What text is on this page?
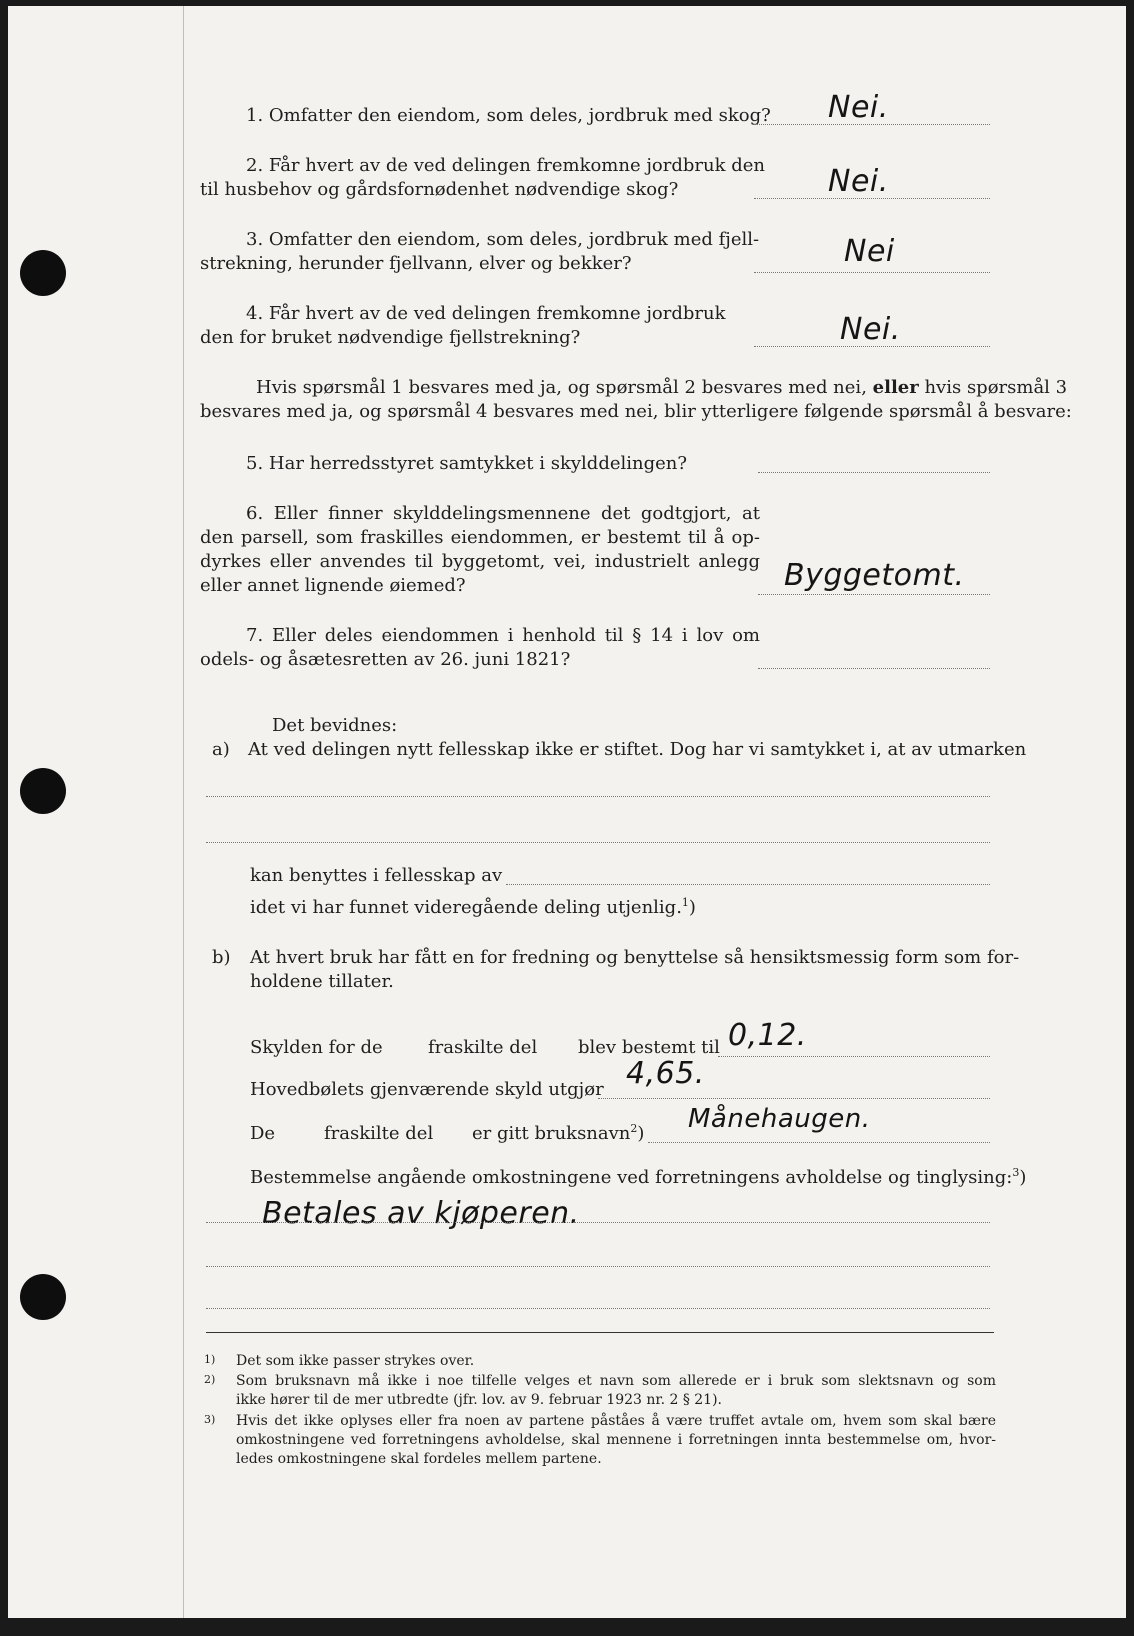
1. Omfatter den eiendom, som deles, jordbruk med skog? Nei.
2. Får hvert av de ved delingen fremkomne jordbruk den
til husbehov og gårdsfornødenhet nødvendige skog?	Nei.
3. Omfatter den eiendom, som deles, jordbruk med fjell-
strekning, herunder fjellvann, elver og bekker?	Nei
4. Får hvert av de ved delingen fremkomne jordbruk
den for bruket nødvendige fjellstrekning?	Nei.
Hvis spørsmål 1 besvares med ja, og spørsmål 2 besvares med nei, eller hvis spørsmål 3
besvares med ja, og spørsmål 4 besvares med nei, blir ytterligere følgende spørsmål å besvare:
5. Har herredsstyret samtykket i skylddelingen?
6. Eller finner skylddelingsmennene det godtgjort, at
den parsell, som fraskilles eiendommen, er bestemt til å op-
dyrkes eller anvendes til byggetomt, vei, industrielt anlegg
eller annet lignende øiemed?	Byggetomt.
7. Eller deles eiendommen i henhold til § 14 i lov om
odels- og åsætesretten av 26. juni 1821?
Det bevidnes:
a) At ved delingen nytt fellesskap ikke er stiftet. Dog har vi samtykket i, at av utmarken
kan benyttes i fellesskap av
idet vi har funnet videregående deling utjenlig.$^1$)
b) At hvert bruk har fått en for fredning og benyttelse så hensiktsmessig form som for-
holdene tillater.
Skylden for de	fraskilte del blev bestemt til 0,12.
Hovedbølets gjenværende skyld utgjør 4,65.
De	fraskilte del er gitt bruksnavn$^2$) Månehaugen.
Bestemmelse angående omkostningene ved forretningens avholdelse og tinglysing:$^3$)
Betales av kjøperen.
1) Det som ikke passer strykes over.
2) Som bruksnavn må ikke i noe tilfelle velges et navn som allerede er i bruk som slektsnavn og som
ikke hører til de mer utbredte (jfr. lov. av 9. februar 1923 nr. 2 § 21).
3) Hvis det ikke oplyses eller fra noen av partene påståes å være truffet avtale om, hvem som skal bære
omkostningene ved forretningens avholdelse, skal mennene i forretningen innta bestemmelse om, hvor-
ledes omkostningene skal fordeles mellem partene.
